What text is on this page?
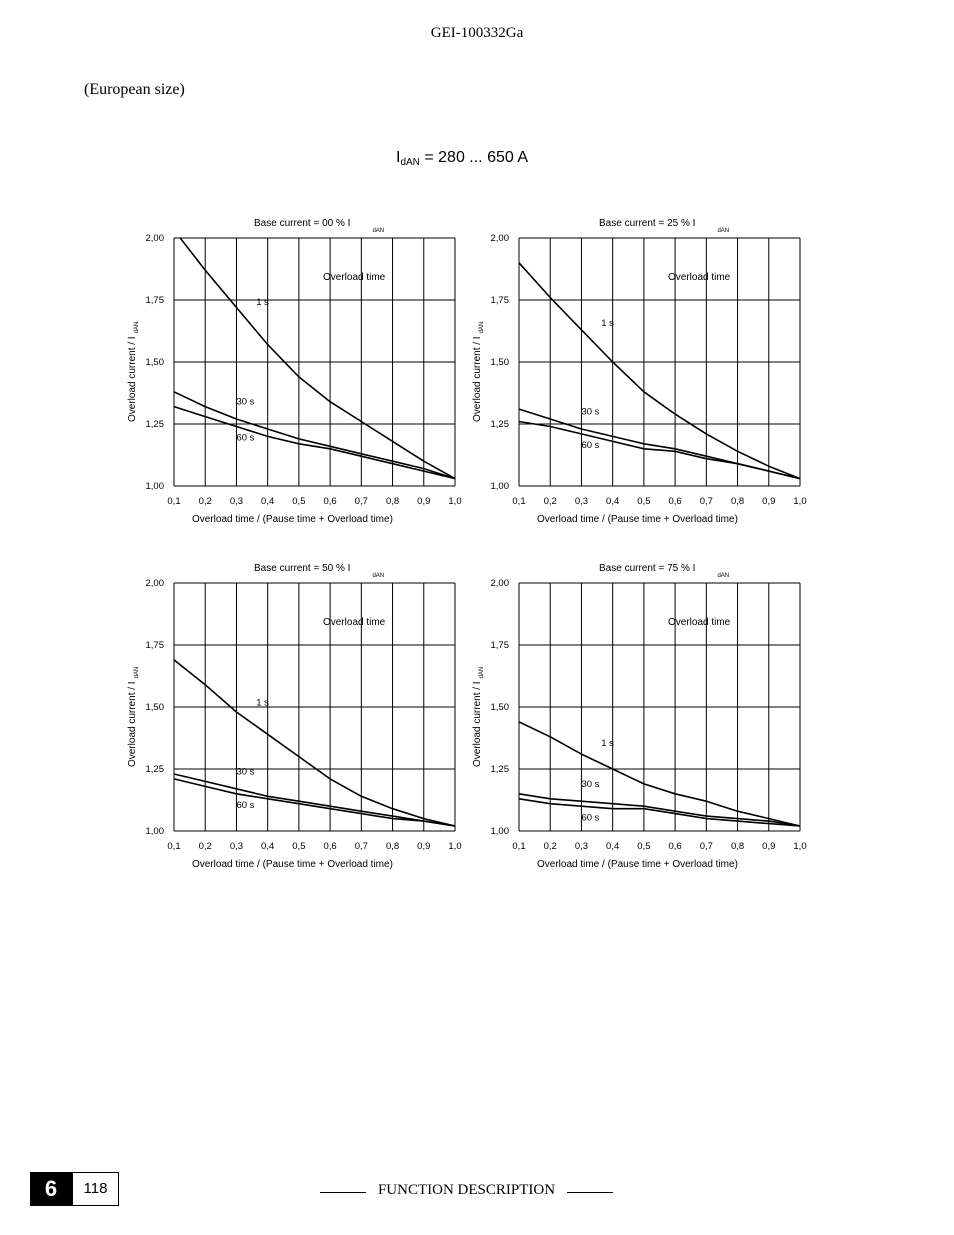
GEI-100332Ga
(European size)
$I_{dAN} = 280$ ... 650 A
0,1 0,2 0,3 0,4 0,5 0,6 0,7 0,8 0,9 1,0
1,00
1,25
1,50
1,75
2,00
Base current = 00 % $I_{dAN}$
Overload time
Overload time / (Pause time + Overload time)
Overload current / $I_{dAN}$
1 s
30 s
60 s
0,1 0,2 0,3 0,4 0,5 0,6 0,7 0,8 0,9 1,0
1,00
1,25
1,50
1,75
2,00
Base current = 25 % $I_{dAN}$
Overload time
Overload time / (Pause time + Overload time)
Overload current / $I_{dAN}$	1 s
30 s
60 s
0,1 0,2 0,3 0,4 0,5 0,6 0,7 0,8 0,9 1,0
1,00
1,25
1,50
1,75
2,00
Base current = 50 % $I_{dAN}$
Overload time
Overload time / (Pause time + Overload time)
Overload current / $I_{dAN}$
1 s
30 s
60 s
0,1 0,2 0,3 0,4 0,5 0,6 0,7 0,8 0,9 1,0
1,00
1,25
1,50
1,75
2,00
Base current = 75 % $I_{dAN}$
Overload time
Overload time / (Pause time + Overload time)
Overload current / $I_{dAN}$
1 s
30 s
60 s
6	118	FUNCTION DESCRIPTION
